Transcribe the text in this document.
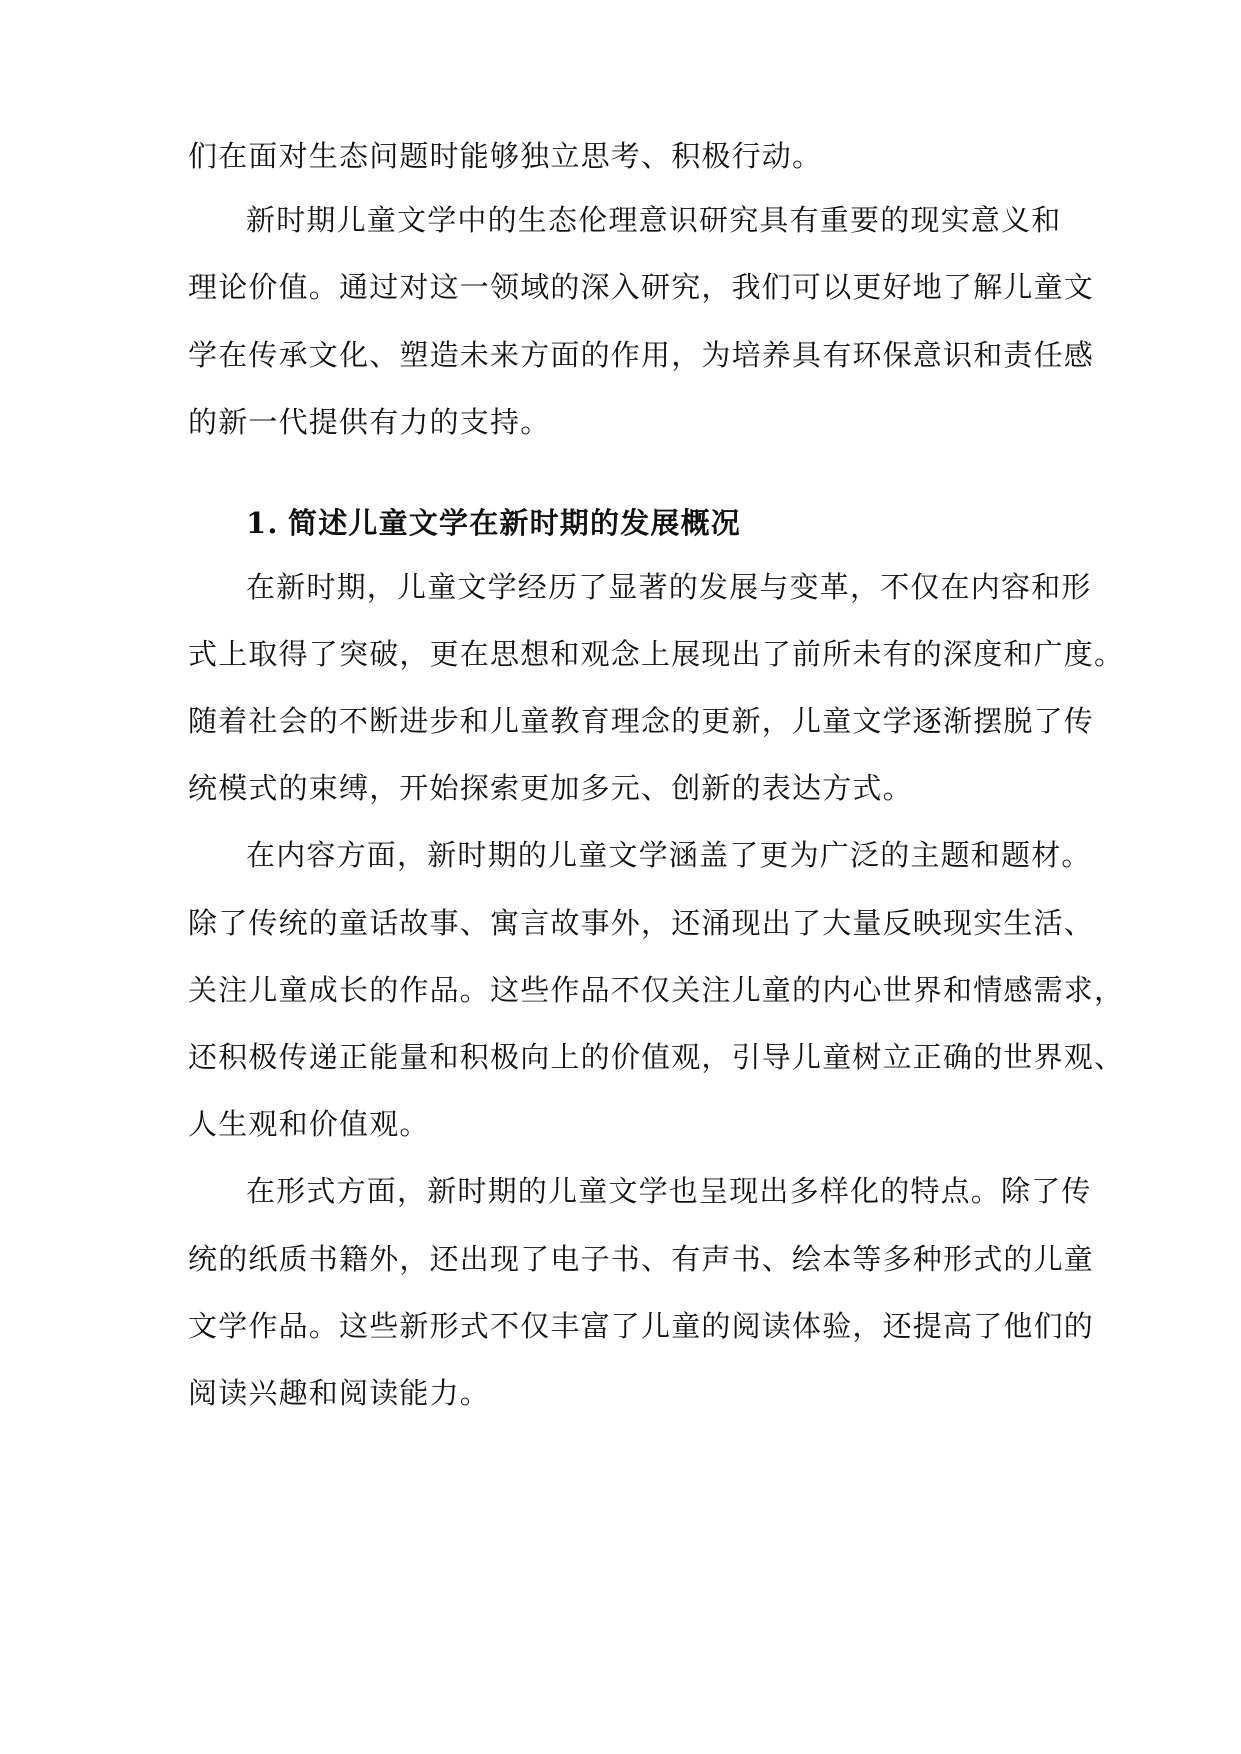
们在面对生态问题时能够独立思考、积极行动。
新时期儿童文学中的生态伦理意识研究具有重要的现实意义和
理论价值。通过对这一领域的深入研究，我们可以更好地了解儿童文
学在传承文化、塑造未来方面的作用，为培养具有环保意识和责任感
的新一代提供有力的支持。
1. 简述儿童文学在新时期的发展概况
在新时期，儿童文学经历了显著的发展与变革，不仅在内容和形
式上取得了突破，更在思想和观念上展现出了前所未有的深度和广度。
随着社会的不断进步和儿童教育理念的更新，儿童文学逐渐摆脱了传
统模式的束缚，开始探索更加多元、创新的表达方式。
在内容方面，新时期的儿童文学涵盖了更为广泛的主题和题材。
除了传统的童话故事、寓言故事外，还涌现出了大量反映现实生活、
关注儿童成长的作品。这些作品不仅关注儿童的内心世界和情感需求，
还积极传递正能量和积极向上的价值观，引导儿童树立正确的世界观、
人生观和价值观。
在形式方面，新时期的儿童文学也呈现出多样化的特点。除了传
统的纸质书籍外，还出现了电子书、有声书、绘本等多种形式的儿童
文学作品。这些新形式不仅丰富了儿童的阅读体验，还提高了他们的
阅读兴趣和阅读能力。
